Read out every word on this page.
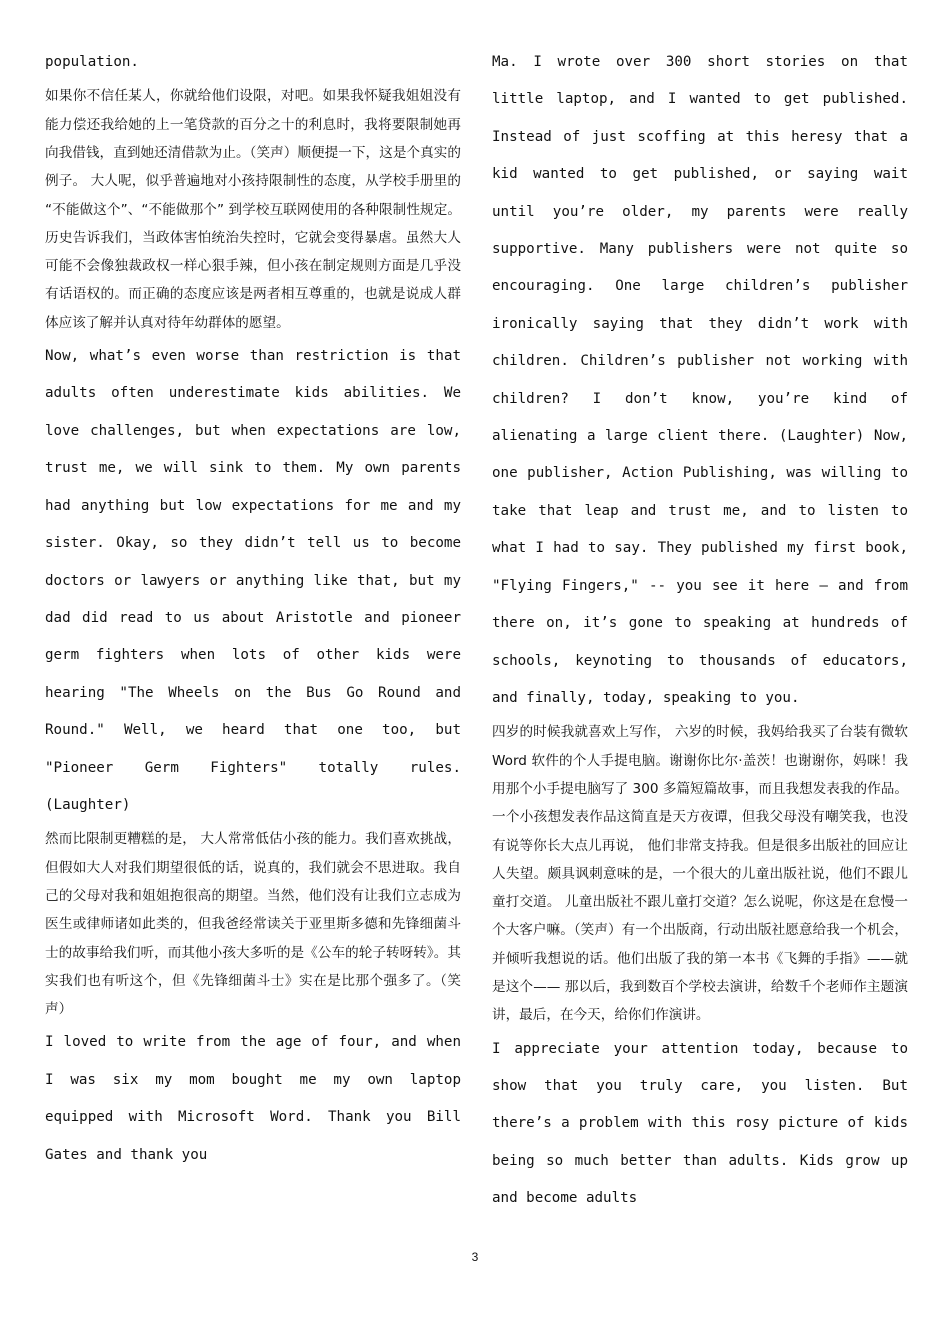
population.

如果你不信任某人，你就给他们设限，对吧。如果我怀疑我姐姐没有能力偿还我给她的上一笔贷款的百分之十的利息时，我将要限制她再向我借钱，直到她还清借款为止。（笑声）顺便提一下，这是个真实的例子。 大人呢，似乎普遍地对小孩持限制性的态度，从学校手册里的 “不能做这个”、“不能做那个” 到学校互联网使用的各种限制性规定。 历史告诉我们，当政体害怕统治失控时，它就会变得暴虐。虽然大人可能不会像独裁政权一样心狠手辣，但小孩在制定规则方面是几乎没有话语权的。而正确的态度应该是两者相互尊重的，也就是说成人群体应该了解并认真对待年幼群体的愿望。

Now, what’s even worse than restriction is that adults often underestimate kids abilities. We love challenges, but when expectations are low, trust me, we will sink to them. My own parents had anything but low expectations for me and my sister. Okay, so they didn’t tell us to become doctors or lawyers or anything like that, but my dad did read to us about Aristotle and pioneer germ fighters when lots of other kids were hearing "The Wheels on the Bus Go Round and Round." Well, we heard that one too, but "Pioneer Germ Fighters" totally rules. (Laughter)

然而比限制更糟糕的是， 大人常常低估小孩的能力。我们喜欢挑战，但假如大人对我们期望很低的话，说真的，我们就会不思进取。我自己的父母对我和姐姐抱很高的期望。当然，他们没有让我们立志成为医生或律师诸如此类的，但我爸经常读关于亚里斯多德和先锋细菌斗士的故事给我们听，而其他小孩大多听的是《公车的轮子转呀转》。其实我们也有听这个，但《先锋细菌斗士》实在是比那个强多了。（笑声）

I loved to write from the age of four, and when I was six my mom bought me my own laptop equipped with Microsoft Word. Thank you Bill Gates and thank you

Ma. I wrote over 300 short stories on that little laptop, and I wanted to get published. Instead of just scoffing at this heresy that a kid wanted to get published, or saying wait until you’re older, my parents were really supportive. Many publishers were not quite so encouraging. One large children’s publisher ironically saying that they didn’t work with children. Children’s publisher not working with children? I don’t know, you’re kind of alienating a large client there. (Laughter) Now, one publisher, Action Publishing, was willing to take that leap and trust me, and to listen to what I had to say. They published my first book, "Flying Fingers," -- you see it here — and from there on, it’s gone to speaking at hundreds of schools, keynoting to thousands of educators, and finally, today, speaking to you.

四岁的时候我就喜欢上写作， 六岁的时候，我妈给我买了台装有微软 Word 软件的个人手提电脑。谢谢你比尔·盖茨！也谢谢你，妈咪！我用那个小手提电脑写了 300 多篇短篇故事，而且我想发表我的作品。 一个小孩想发表作品这简直是天方夜谭，但我父母没有嘲笑我，也没有说等你长大点儿再说， 他们非常支持我。但是很多出版社的回应让人失望。颇具讽刺意味的是，一个很大的儿童出版社说，他们不跟儿童打交道。 儿童出版社不跟儿童打交道？怎么说呢，你这是在怠慢一个大客户嘛。（笑声）有一个出版商，行动出版社愿意给我一个机会， 并倾听我想说的话。他们出版了我的第一本书《飞舞的手指》——就是这个—— 那以后，我到数百个学校去演讲，给数千个老师作主题演讲，最后，在今天，给你们作演讲。

I appreciate your attention today, because to show that you truly care, you listen. But there’s a problem with this rosy picture of kids being so much better than adults. Kids grow up and become adults

3
